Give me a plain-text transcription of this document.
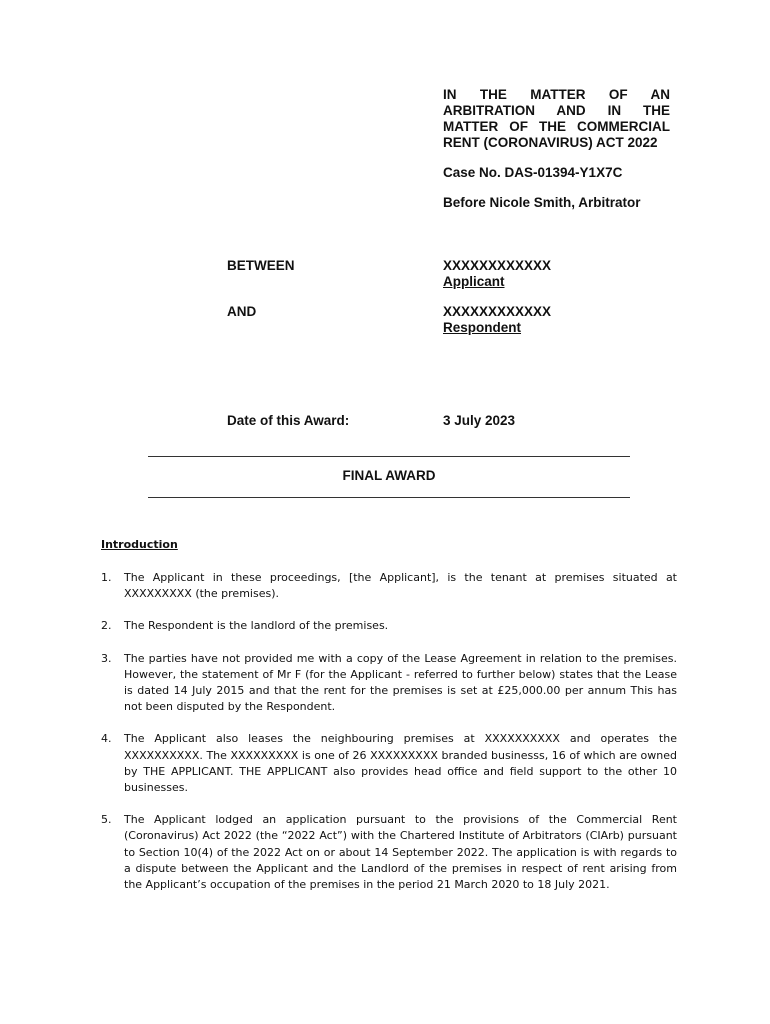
IN THE MATTER OF AN ARBITRATION AND IN THE MATTER OF THE COMMERCIAL RENT (CORONAVIRUS) ACT 2022

Case No. DAS-01394-Y1X7C

Before Nicole Smith, Arbitrator

BETWEEN	XXXXXXXXXXXX
Applicant
AND	XXXXXXXXXXXX
Respondent
Date of this Award:	3 July 2023
FINAL AWARD
Introduction
1.	The Applicant in these proceedings, [the Applicant], is the tenant at premises situated at XXXXXXXXX (the premises).
2.	The Respondent is the landlord of the premises.
3.	The parties have not provided me with a copy of the Lease Agreement in relation to the premises. However, the statement of Mr F (for the Applicant - referred to further below) states that the Lease is dated 14 July 2015 and that the rent for the premises is set at £25,000.00 per annum This has not been disputed by the Respondent.
4.	The Applicant also leases the neighbouring premises at XXXXXXXXXX and operates the XXXXXXXXXX. The XXXXXXXXX is one of 26 XXXXXXXXX branded businesss, 16 of which are owned by THE APPLICANT. THE APPLICANT also provides head office and field support to the other 10 businesses.
5.	The Applicant lodged an application pursuant to the provisions of the Commercial Rent (Coronavirus) Act 2022 (the “2022 Act”) with the Chartered Institute of Arbitrators (CIArb) pursuant to Section 10(4) of the 2022 Act on or about 14 September 2022. The application is with regards to a dispute between the Applicant and the Landlord of the premises in respect of rent arising from the Applicant’s occupation of the premises in the period 21 March 2020 to 18 July 2021.
